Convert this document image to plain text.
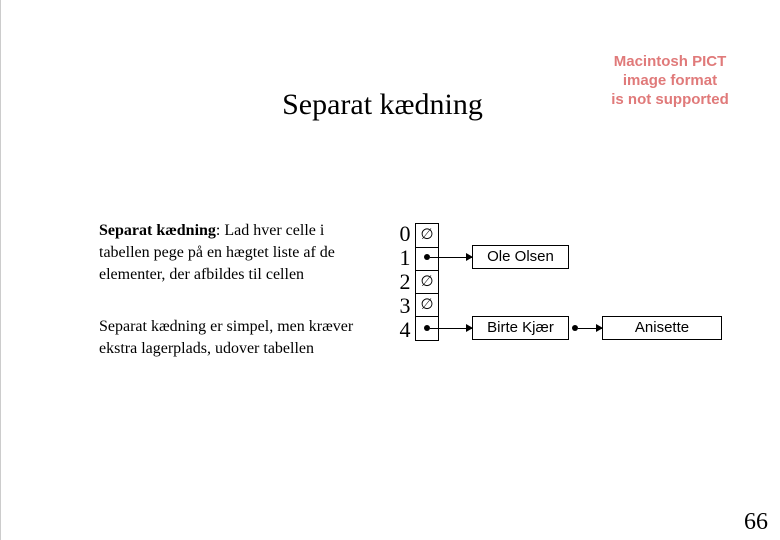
Macintosh PICT
image format
is not supported
Separat kædning
Separat kædning: Lad hver celle i tabellen pege på en hægtet liste af de elementer, der afbildes til cellen
Separat kædning er simpel, men kræver ekstra lagerplads, udover tabellen
0
1
2
3
4
∅
∅
∅
Ole Olsen
Birte Kjær	Anisette
66
